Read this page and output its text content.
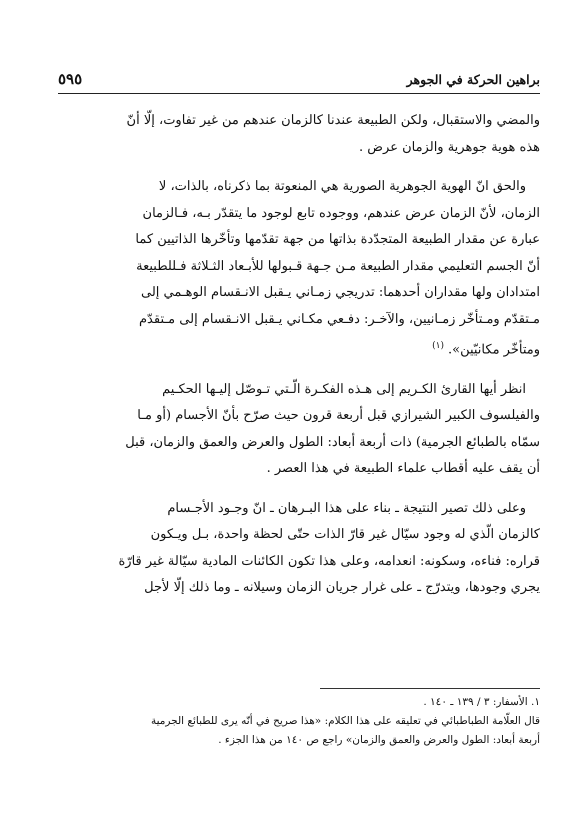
٥٩٥	براهين الحركة في الجوهر

والمضي والاستقبال، ولكن الطبيعة عندنا كالزمان عندهم من غير تفاوت، إلّا أنّ

هذه هوية جوهرية والزمان عرض .

والحق انّ الهوية الجوهرية الصورية هي المنعوتة بما ذكرناه، بالذات، لا

الزمان، لأنّ الزمان عرض عندهم، ووجوده تابع لوجود ما يتقدّر بـه، فـالزمان

عبارة عن مقدار الطبيعة المتجدّدة بذاتها من جهة تقدّمها وتأخّرها الذاتيين كما

أنّ الجسم التعليمي مقدار الطبيعة مـن جـهة قـبولها للأبـعاد الثـلاثة فـللطبيعة

امتدادان ولها مقداران أحدهما: تدريجي زمـاني يـقبل الانـقسام الوهـمي إلى

مـتقدّم ومـتأخّر زمـانيين، والآخـر: دفـعي مكـاني يـقبل الانـقسام إلى مـتقدّم

ومتأخّر مكانيّين».$^{(١)}$

انظر أيها القارئ الكـريم إلى هـذه الفكـرة الّـتي تـوصّل إليـها الحكـيم

والفيلسوف الكبير الشيرازي قبل أربعة قرون حيث صرّح بأنّ الأجسام (أو مـا

سمّاه بالطبائع الجرمية) ذات أربعة أبعاد: الطول والعرض والعمق والزمان، قبل

أن يقف عليه أقطاب علماء الطبيعة في هذا العصر .

وعلى ذلك تصير النتيجة ـ بناء على هذا البـرهان ـ انّ وجـود الأجـسام

كالزمان الّذي له وجود سيّال غير قارّ الذات حتّى لحظة واحدة، بـل ويـكون

قراره: فناءه، وسكونه: انعدامه، وعلى هذا تكون الكائنات المادية سيّالة غير قارّة

يجري وجودها، ويتدرّج ـ على غرار جريان الزمان وسيلانه ـ وما ذلك إلّا لأجل

١. الأسفار: ٣ / ١٣٩ ـ ١٤٠ .

قال العلّامة الطباطبائي في تعليقه على هذا الكلام: «هذا صريح في أنّه يرى للطبائع الجرمية

أربعة أبعاد: الطول والعرض والعمق والزمان» راجع ص ١٤٠ من هذا الجزء .
